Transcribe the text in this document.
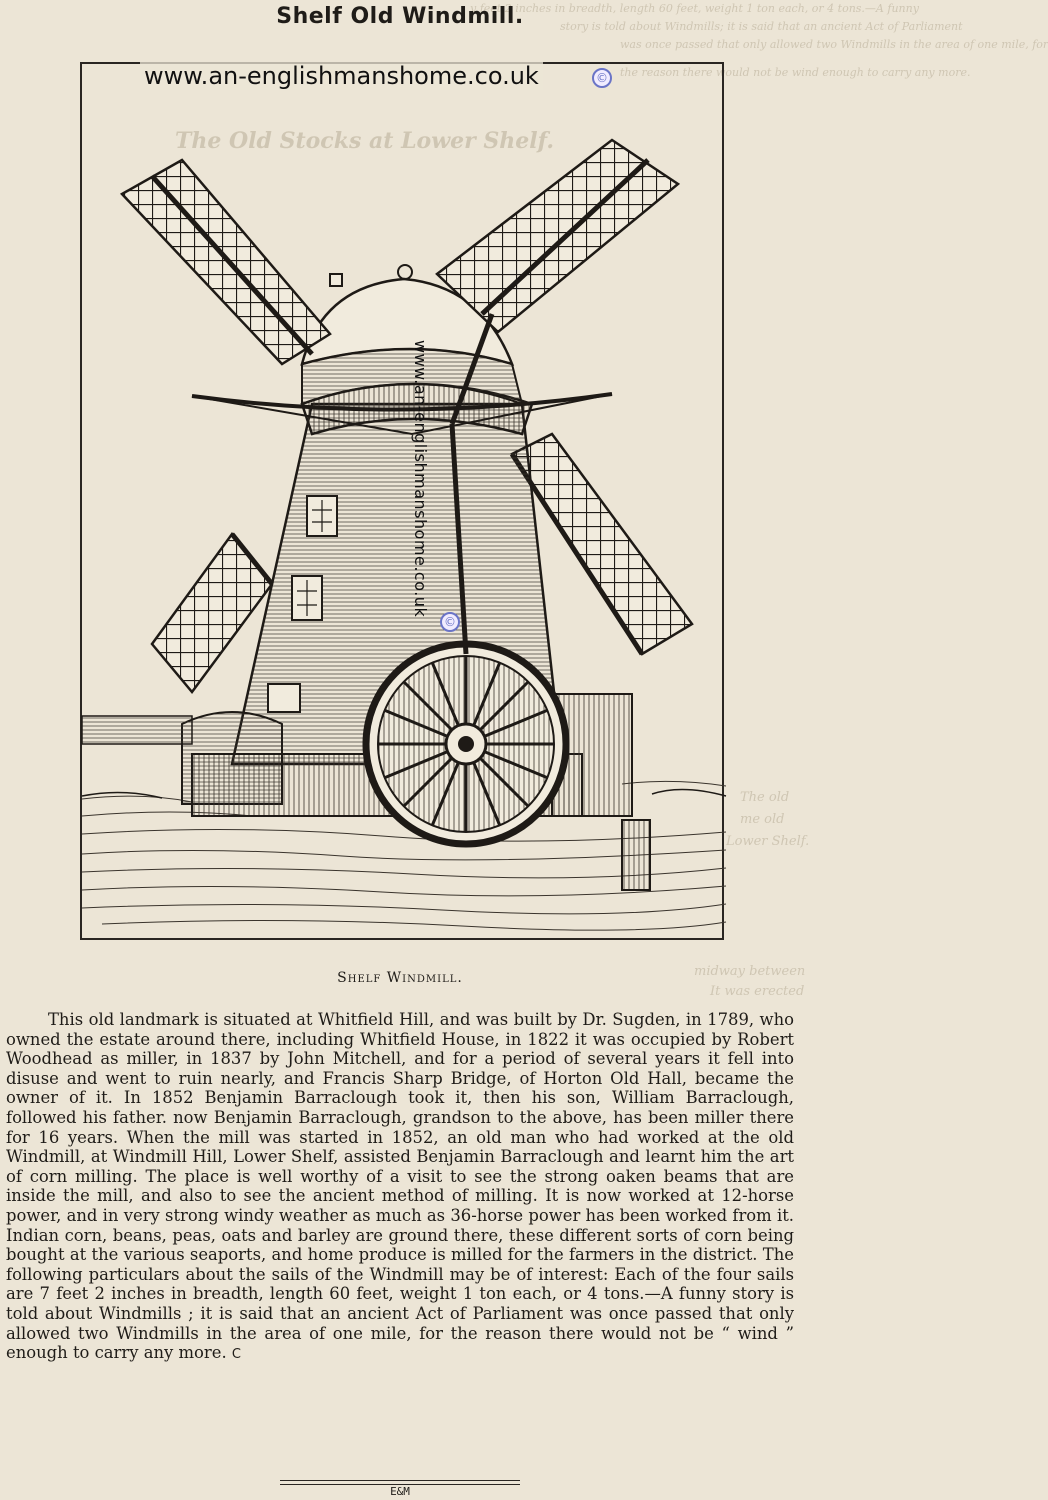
y feet 2 inches in breadth, length 60 feet, weight 1 ton each, or 4 tons.—A funny
story is told about Windmills; it is said that an ancient Act of Parliament
was once passed that only allowed two Windmills in the area of one mile, for
the reason there would not be wind enough to carry any more.
The Old Stocks at Lower Shelf.
The old
me old
Lower Shelf.
midway between
It was erected
Shelf Old Windmill.
www.an-englishmanshome.co.uk	©
www.an-englishmanshome.co.uk
©
Shelf Windmill.

This old landmark is situated at Whitfield Hill, and was built by Dr. Sugden, in 1789, who owned the estate around there, including Whitfield House, in 1822 it was occupied by Robert Woodhead as miller, in 1837 by John Mitchell, and for a period of several years it fell into disuse and went to ruin nearly, and Francis Sharp Bridge, of Horton Old Hall, became the owner of it. In 1852 Benjamin Barraclough took it, then his son, William Barraclough, followed his father. now Benjamin Barraclough, grandson to the above, has been miller there for 16 years. When the mill was started in 1852, an old man who had worked at the old Windmill, at Windmill Hill, Lower Shelf, assisted Benjamin Barraclough and learnt him the art of corn milling. The place is well worthy of a visit to see the strong oaken beams that are inside the mill, and also to see the ancient method of milling. It is now worked at 12-horse power, and in very strong windy weather as much as 36-horse power has been worked from it. Indian corn, beans, peas, oats and barley are ground there, these different sorts of corn being bought at the various seaports, and home produce is milled for the farmers in the district. The following particulars about the sails of the Windmill may be of interest: Each of the four sails are 7 feet 2 inches in breadth, length 60 feet, weight 1 ton each, or 4 tons.—A funny story is told about Windmills ; it is said that an ancient Act of Parliament was once passed that only allowed two Windmills in the area of one mile, for the reason there would not be “ wind ” enough to carry any more. C

E&M
